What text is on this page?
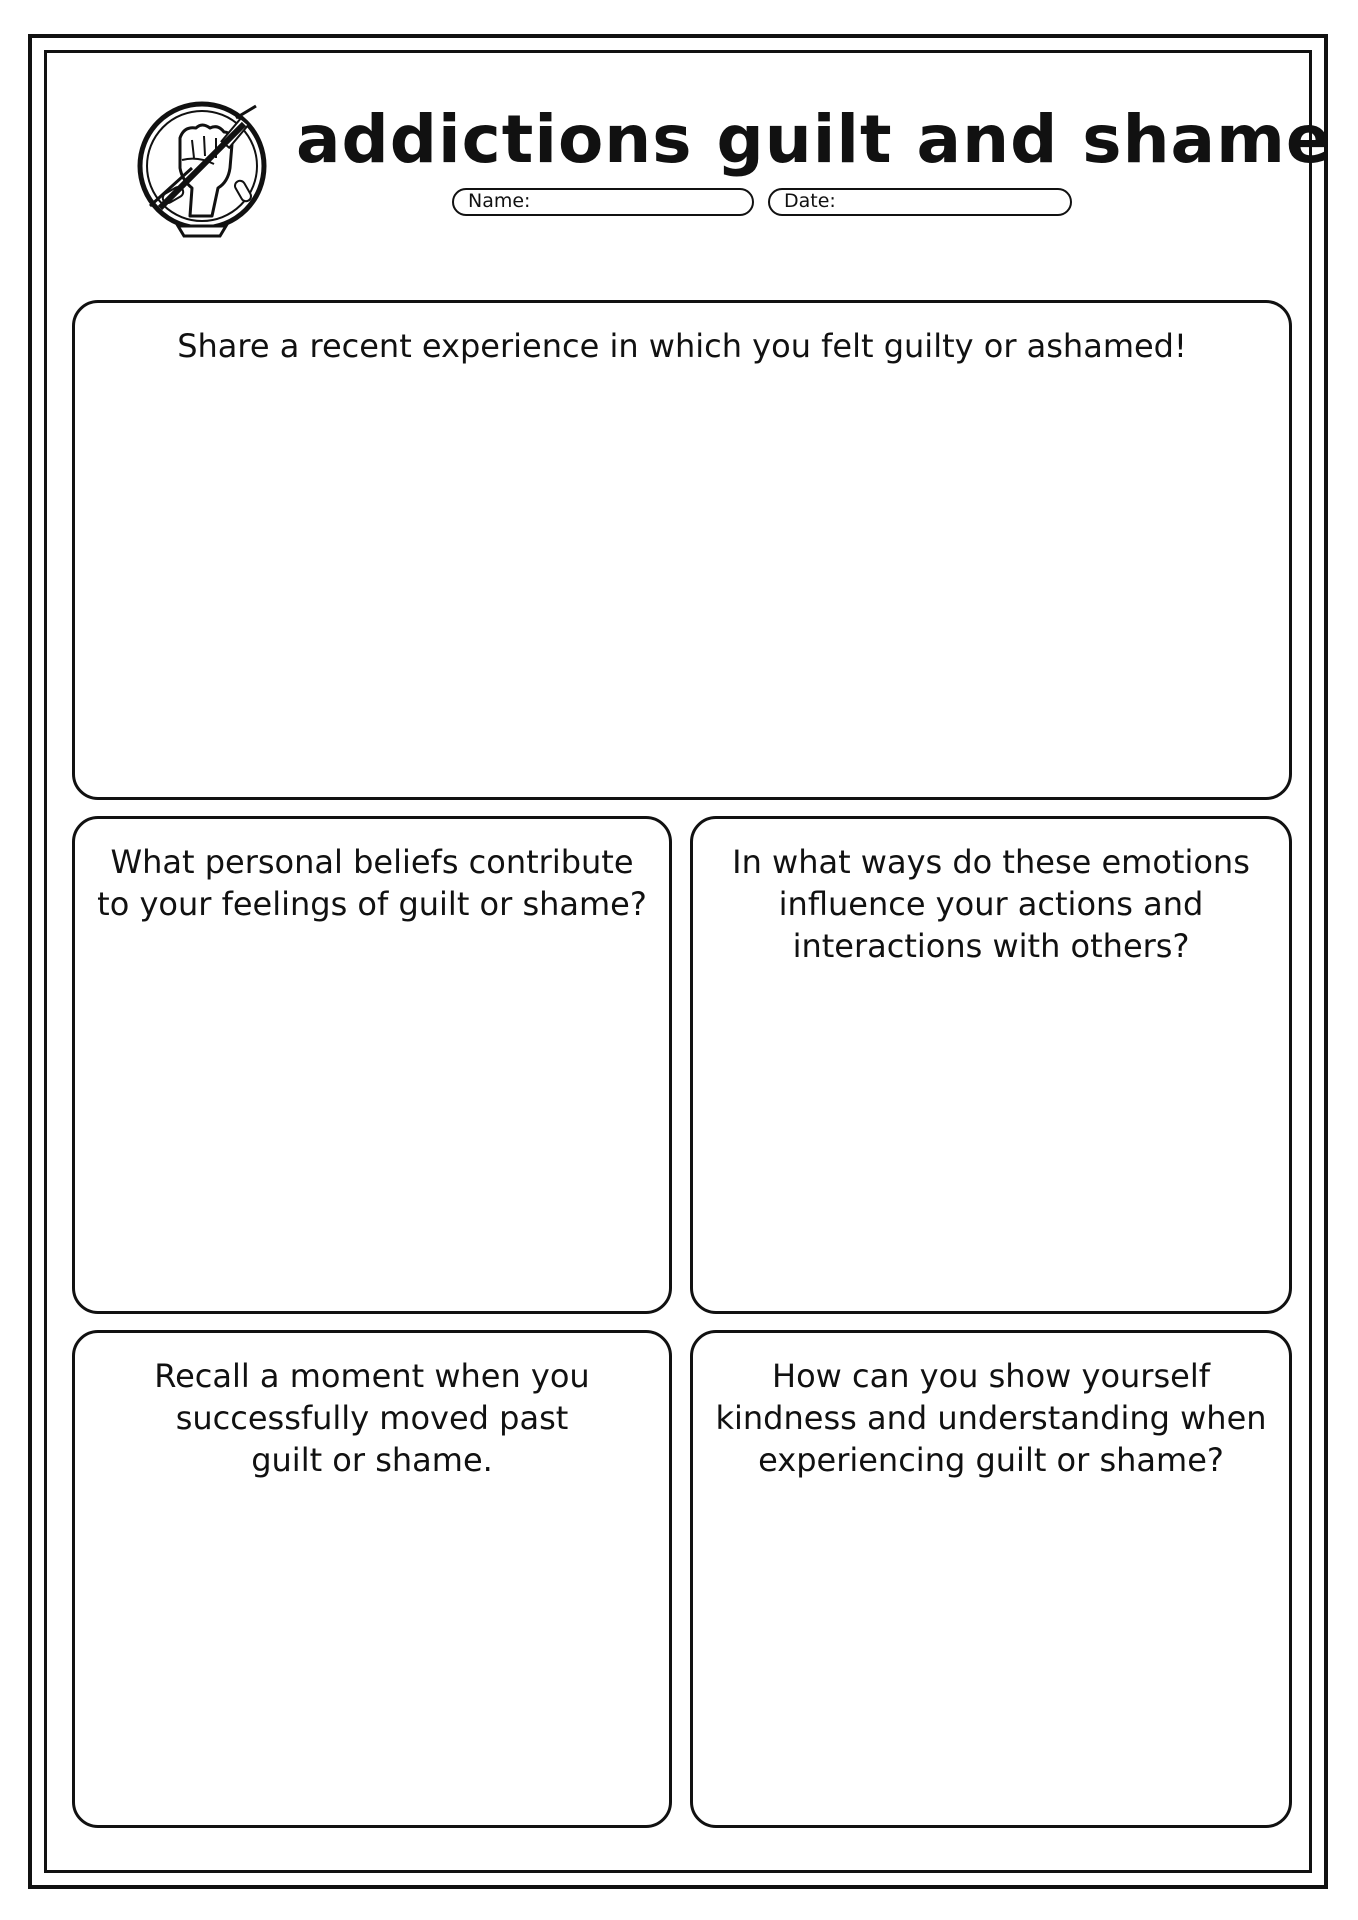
addictions guilt and shame
Name:	Date:
Share a recent experience in which you felt guilty or ashamed!
What personal beliefs contribute
to your feelings of guilt or shame?
In what ways do these emotions
influence your actions and
interactions with others?
Recall a moment when you
successfully moved past
guilt or shame.
How can you show yourself
kindness and understanding when
experiencing guilt or shame?
